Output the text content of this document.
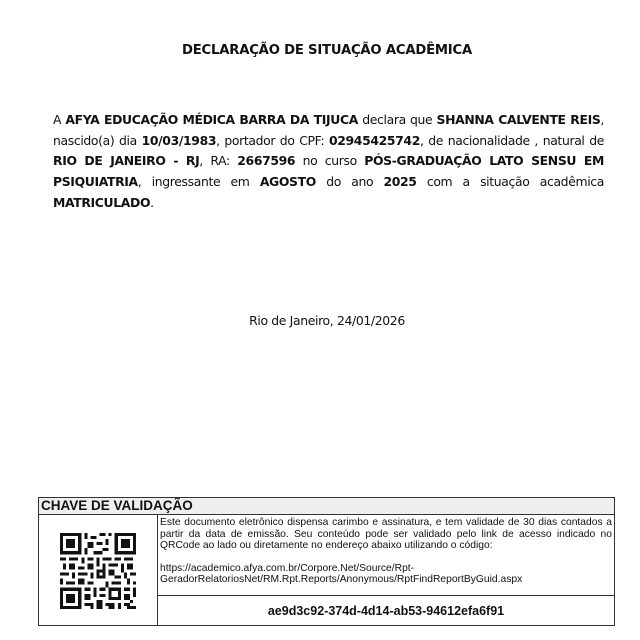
DECLARAÇÃO DE SITUAÇÃO ACADÊMICA
A AFYA EDUCAÇÃO MÉDICA BARRA DA TIJUCA declara que SHANNA CALVENTE REIS, nascido(a) dia 10/03/1983, portador do CPF: 02945425742, de nacionalidade , natural de RIO DE JANEIRO - RJ, RA: 2667596 no curso PÓS-GRADUAÇÃO LATO SENSU EM PSIQUIATRIA, ingressante em AGOSTO do ano 2025 com a situação acadêmica MATRICULADO.
Rio de Janeiro, 24/01/2026
CHAVE DE VALIDAÇÃO

Este documento eletrônico dispensa carimbo e assinatura, e tem validade de 30 dias contados a partir da data de emissão. Seu conteúdo pode ser validado pelo link de acesso indicado no QRCode ao lado ou diretamente no endereço abaixo utilizando o código:

https://academico.afya.com.br/Corpore.Net/Source/Rpt-GeradorRelatoriosNet/RM.Rpt.Reports/Anonymous/RptFindReportByGuid.aspx

ae9d3c92-374d-4d14-ab53-94612efa6f91
